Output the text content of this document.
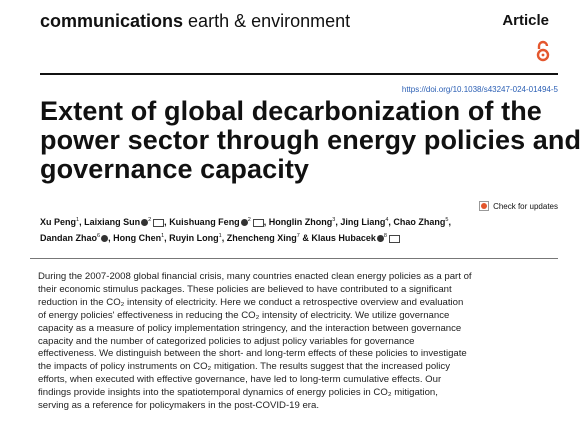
communications earth & environment	Article
https://doi.org/10.1038/s43247-024-01494-5
Extent of global decarbonization of the
power sector through energy policies and
governance capacity
Check for updates
Xu Peng$^1$, Laixiang Sun $^2$ , Kuishuang Feng $^2$ , Honglin Zhong$^3$, Jing Liang$^4$, Chao Zhang$^5$,
Dandan Zhao$^6$ , Hong Chen$^1$, Ruyin Long$^1$, Zhencheng Xing$^7$ & Klaus Hubacek $^8$
During the 2007-2008 global financial crisis, many countries enacted clean energy policies as a part of
their economic stimulus packages. These policies are believed to have contributed to a significant
reduction in the CO₂ intensity of electricity. Here we conduct a retrospective overview and evaluation
of energy policies' effectiveness in reducing the CO₂ intensity of electricity. We utilize governance
capacity as a measure of policy implementation stringency, and the interaction between governance
capacity and the number of categorized policies to adjust policy variables for governance
effectiveness. We distinguish between the short- and long-term effects of these policies to investigate
the impacts of policy instruments on CO₂ mitigation. The results suggest that the increased policy
efforts, when executed with effective governance, have led to long-term cumulative effects. Our
findings provide insights into the spatiotemporal dynamics of energy policies in CO₂ mitigation,
serving as a reference for policymakers in the post-COVID-19 era.
